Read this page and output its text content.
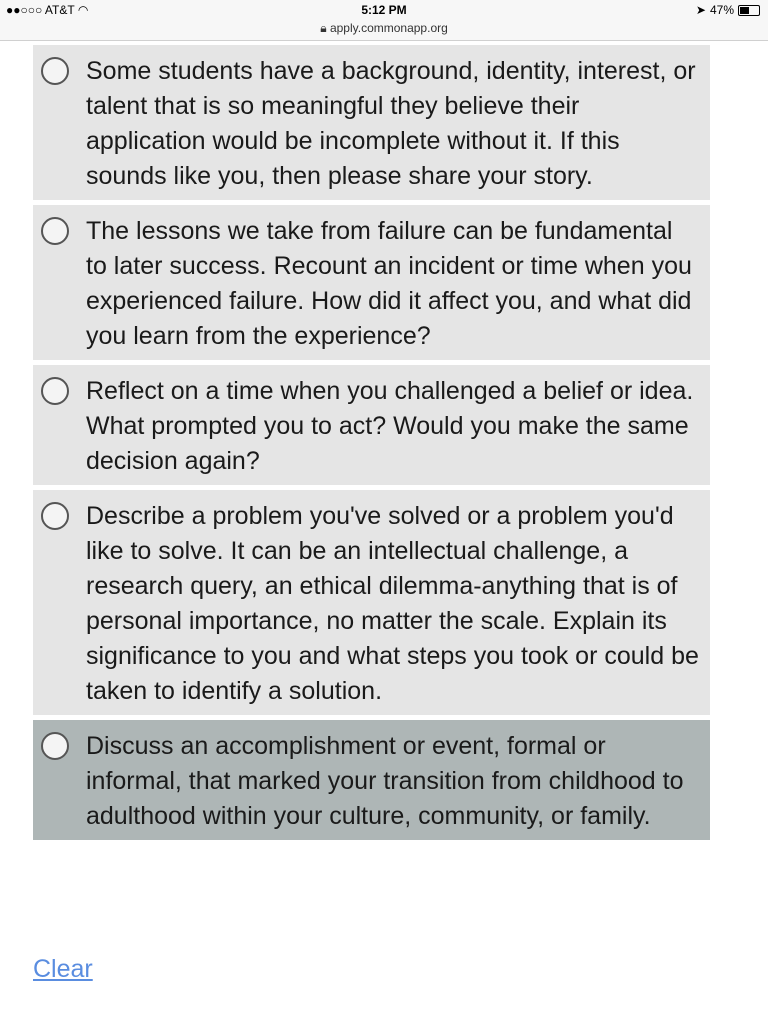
●●○○○ AT&T ◠	5:12 PM
🔒︎ apply.commonapp.org
➤ 47%
Some students have a background, identity, interest, or talent that is so meaningful they believe their application would be incomplete without it. If this sounds like you, then please share your story.
The lessons we take from failure can be fundamental to later success. Recount an incident or time when you experienced failure. How did it affect you, and what did you learn from the experience?
Reflect on a time when you challenged a belief or idea. What prompted you to act? Would you make the same decision again?
Describe a problem you've solved or a problem you'd like to solve. It can be an intellectual challenge, a research query, an ethical dilemma-anything that is of personal importance, no matter the scale. Explain its significance to you and what steps you took or could be taken to identify a solution.
Discuss an accomplishment or event, formal or informal, that marked your transition from childhood to adulthood within your culture, community, or family.
Clear
